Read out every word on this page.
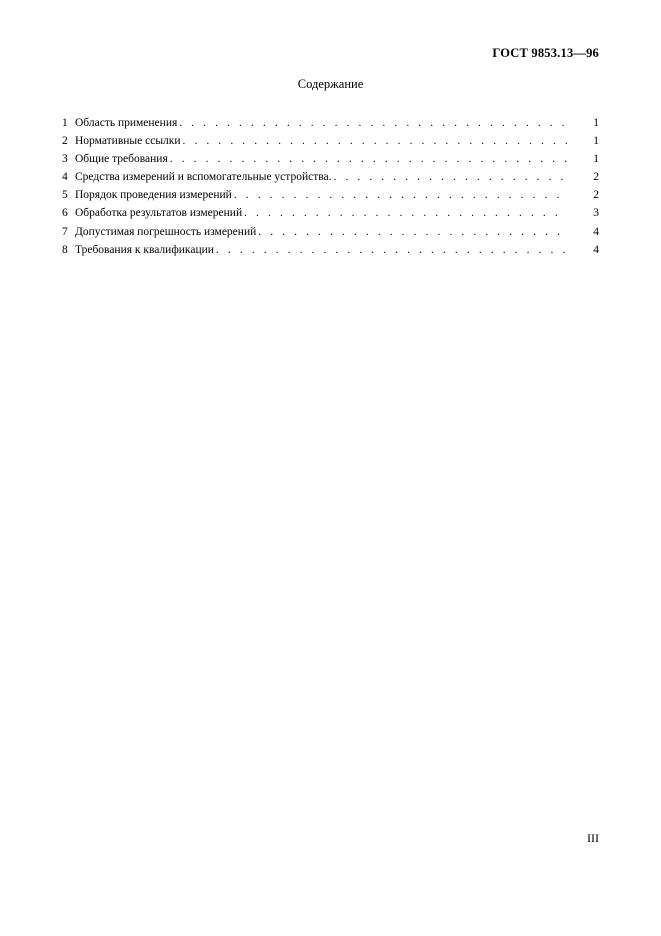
ГОСТ 9853.13—96
Содержание
1 Область применения . . .	1
2 Нормативные ссылки . . .	1
3 Общие требования . . .	1
4 Средства измерений и вспомогательные устройства. . . .	2
5 Порядок проведения измерений . . .	2
6 Обработка результатов измерений . . .	3
7 Допустимая погрешность измерений . . .	4
8 Требования к квалификации . . .	4
III
